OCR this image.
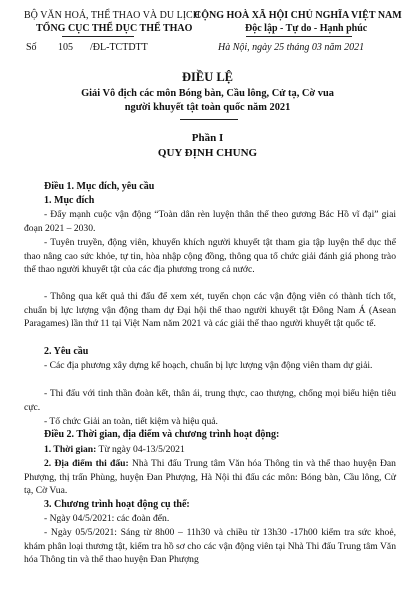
BỘ VĂN HOÁ, THỂ THAO VÀ DU LỊCH
TỔNG CỤC THỂ DỤC THỂ THAO
CỘNG HOÀ XÃ HỘI CHỦ NGHĨA VIỆT NAM
Độc lập - Tự do - Hạnh phúc
Số 105 /ĐL-TCTDTT	Hà Nội, ngày 25 tháng 03 năm 2021
ĐIỀU LỆ
Giải Vô địch các môn Bóng bàn, Cầu lông, Cử tạ, Cờ vua
người khuyết tật toàn quốc năm 2021
Phần I
QUY ĐỊNH CHUNG
Điều 1. Mục đích, yêu cầu
1. Mục đích
- Đẩy mạnh cuộc vận động “Toàn dân rèn luyện thân thể theo gương Bác Hồ vĩ đại” giai đoạn 2021 – 2030.
- Tuyên truyền, động viên, khuyến khích người khuyết tật tham gia tập luyện thể dục thể thao nâng cao sức khỏe, tự tin, hòa nhập cộng đồng, thông qua tổ chức giải đánh giá phong trào thể thao người khuyết tật của các địa phương trong cả nước.
- Thông qua kết quả thi đấu để xem xét, tuyển chọn các vận động viên có thành tích tốt, chuẩn bị lực lượng vận động tham dự Đại hội thể thao người khuyết tật Đông Nam Á (Asean Paragames) lần thứ 11 tại Việt Nam năm 2021 và các giải thể thao người khuyết tật quốc tế.
2. Yêu cầu
- Các địa phương xây dựng kế hoạch, chuẩn bị lực lượng vận động viên tham dự giải.
- Thi đấu với tinh thần đoàn kết, thân ái, trung thực, cao thượng, chống mọi biểu hiện tiêu cực.
- Tổ chức Giải an toàn, tiết kiệm và hiệu quả.
Điều 2. Thời gian, địa điểm và chương trình hoạt động:
1. Thời gian: Từ ngày 04-13/5/2021
2. Địa điểm thi đấu: Nhà Thi đấu Trung tâm Văn hóa Thông tin và thể thao huyện Đan Phượng, thị trấn Phùng, huyện Đan Phượng, Hà Nội thi đấu các môn: Bóng bàn, Cầu lông, Cử tạ, Cờ Vua.
3. Chương trình hoạt động cụ thể:
- Ngày 04/5/2021: các đoàn đến.
- Ngày 05/5/2021: Sáng từ 8h00 – 11h30 và chiều từ 13h30 -17h00 kiểm tra sức khoẻ, khám phân loại thương tật, kiểm tra hồ sơ cho các vận động viên tại Nhà Thi đấu Trung tâm Văn hóa Thông tin và thể thao huyện Đan Phượng
